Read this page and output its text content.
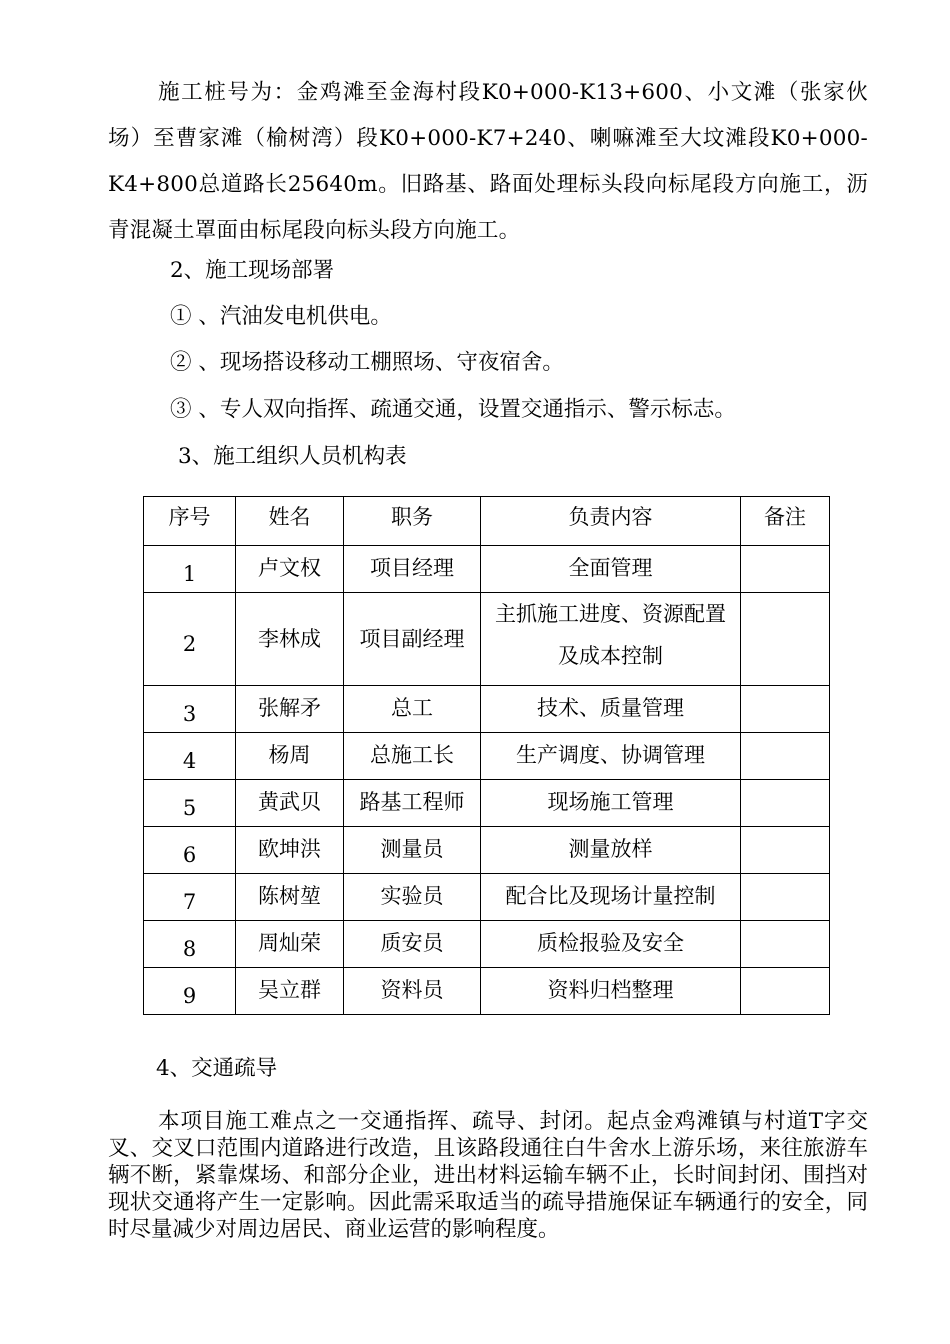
施工桩号为：金鸡滩至金海村段K0+000-K13+600、小文滩（张家伙场）至曹家滩（榆树湾）段K0+000-K7+240、喇嘛滩至大坟滩段K0+000-K4+800总道路长25640m。旧路基、路面处理标头段向标尾段方向施工，沥青混凝土罩面由标尾段向标头段方向施工。

2、施工现场部署
① 、汽油发电机供电。
② 、现场搭设移动工棚照场、守夜宿舍。
③ 、专人双向指挥、疏通交通，设置交通指示、警示标志。
3、施工组织人员机构表
序号	姓名	职务	负责内容	备注
1	卢文权	项目经理	全面管理	
2	李林成	项目副经理	主抓施工进度、资源配置及成本控制	
3	张解矛	总工	技术、质量管理	
4	杨周	总施工长	生产调度、协调管理	
5	黄武贝	路基工程师	现场施工管理	
6	欧坤洪	测量员	测量放样	
7	陈树堃	实验员	配合比及现场计量控制	
8	周灿荣	质安员	质检报验及安全	
9	吴立群	资料员	资料归档整理	
4、交通疏导

本项目施工难点之一交通指挥、疏导、封闭。起点金鸡滩镇与村道T字交叉、交叉口范围内道路进行改造，且该路段通往白牛舍水上游乐场，来往旅游车辆不断，紧靠煤场、和部分企业，进出材料运输车辆不止，长时间封闭、围挡对现状交通将产生一定影响。因此需采取适当的疏导措施保证车辆通行的安全，同时尽量减少对周边居民、商业运营的影响程度。
